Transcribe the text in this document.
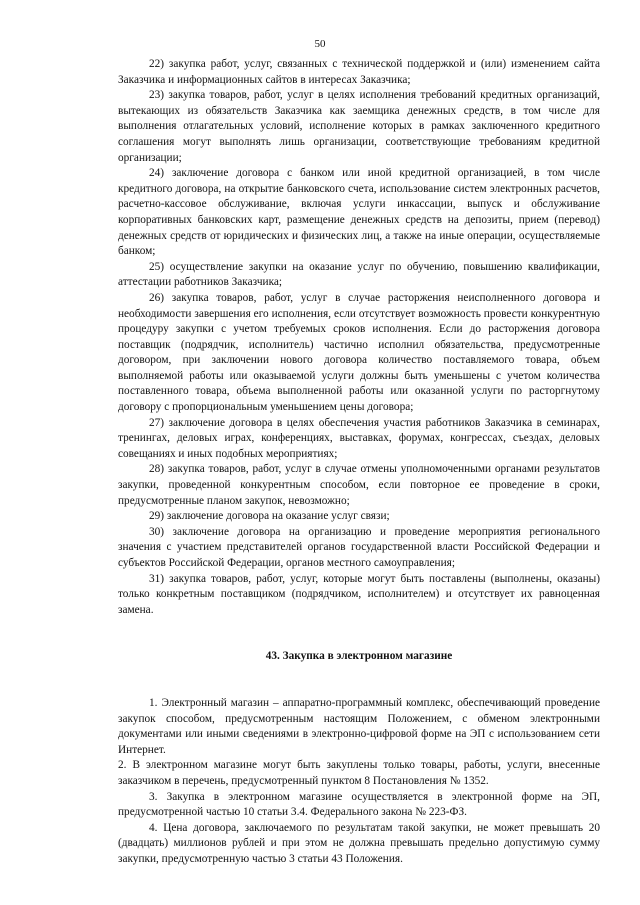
50

22) закупка работ, услуг, связанных с технической поддержкой и (или) изменением сайта Заказчика и информационных сайтов в интересах Заказчика;

23) закупка товаров, работ, услуг в целях исполнения требований кредитных организаций, вытекающих из обязательств Заказчика как заемщика денежных средств, в том числе для выполнения отлагательных условий, исполнение которых в рамках заключенного кредитного соглашения могут выполнять лишь организации, соответствующие требованиям кредитной организации;

24) заключение договора с банком или иной кредитной организацией, в том числе кредитного договора, на открытие банковского счета, использование систем электронных расчетов, расчетно-кассовое обслуживание, включая услуги инкассации, выпуск и обслуживание корпоративных банковских карт, размещение денежных средств на депозиты, прием (перевод) денежных средств от юридических и физических лиц, а также на иные операции, осуществляемые банком;

25) осуществление закупки на оказание услуг по обучению, повышению квалификации, аттестации работников Заказчика;

26) закупка товаров, работ, услуг в случае расторжения неисполненного договора и необходимости завершения его исполнения, если отсутствует возможность провести конкурентную процедуру закупки с учетом требуемых сроков исполнения. Если до расторжения договора поставщик (подрядчик, исполнитель) частично исполнил обязательства, предусмотренные договором, при заключении нового договора количество поставляемого товара, объем выполняемой работы или оказываемой услуги должны быть уменьшены с учетом количества поставленного товара, объема выполненной работы или оказанной услуги по расторгнутому договору с пропорциональным уменьшением цены договора;

27) заключение договора в целях обеспечения участия работников Заказчика в семинарах, тренингах, деловых играх, конференциях, выставках, форумах, конгрессах, съездах, деловых совещаниях и иных подобных мероприятиях;

28) закупка товаров, работ, услуг в случае отмены уполномоченными органами результатов закупки, проведенной конкурентным способом, если повторное ее проведение в сроки, предусмотренные планом закупок, невозможно;

29) заключение договора на оказание услуг связи;

30) заключение договора на организацию и проведение мероприятия регионального значения с участием представителей органов государственной власти Российской Федерации и субъектов Российской Федерации, органов местного самоуправления;

31) закупка товаров, работ, услуг, которые могут быть поставлены (выполнены, оказаны) только конкретным поставщиком (подрядчиком, исполнителем) и отсутствует их равноценная замена.

43. Закупка в электронном магазине

1. Электронный магазин – аппаратно-программный комплекс, обеспечивающий проведение закупок способом, предусмотренным настоящим Положением, с обменом электронными документами или иными сведениями в электронно-цифровой форме на ЭП с использованием сети Интернет.

2. В электронном магазине могут быть закуплены только товары, работы, услуги, внесенные заказчиком в перечень, предусмотренный пунктом 8 Постановления № 1352.

3. Закупка в электронном магазине осуществляется в электронной форме на ЭП, предусмотренной частью 10 статьи 3.4. Федерального закона № 223-ФЗ.

4. Цена договора, заключаемого по результатам такой закупки, не может превышать 20 (двадцать) миллионов рублей и при этом не должна превышать предельно допустимую сумму закупки, предусмотренную частью 3 статьи 43 Положения.
